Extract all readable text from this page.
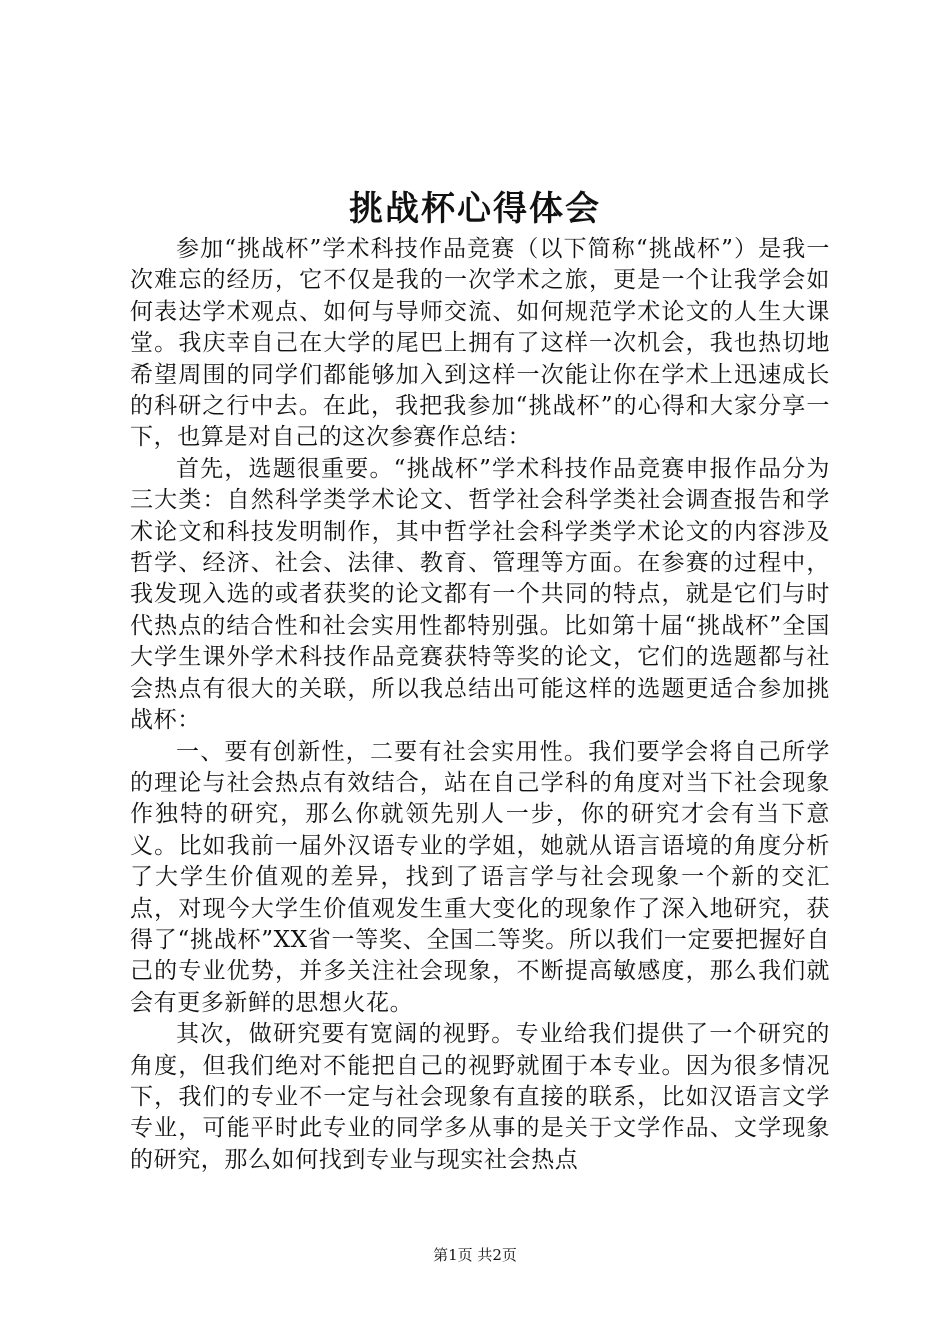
挑战杯心得体会

参加“挑战杯”学术科技作品竞赛（以下简称“挑战杯”）是我一次难忘的经历，它不仅是我的一次学术之旅，更是一个让我学会如何表达学术观点、如何与导师交流、如何规范学术论文的人生大课堂。我庆幸自己在大学的尾巴上拥有了这样一次机会，我也热切地希望周围的同学们都能够加入到这样一次能让你在学术上迅速成长的科研之行中去。在此，我把我参加“挑战杯”的心得和大家分享一下，也算是对自己的这次参赛作总结：

首先，选题很重要。“挑战杯”学术科技作品竞赛申报作品分为三大类：自然科学类学术论文、哲学社会科学类社会调查报告和学术论文和科技发明制作，其中哲学社会科学类学术论文的内容涉及哲学、经济、社会、法律、教育、管理等方面。在参赛的过程中，我发现入选的或者获奖的论文都有一个共同的特点，就是它们与时代热点的结合性和社会实用性都特别强。比如第十届“挑战杯”全国大学生课外学术科技作品竞赛获特等奖的论文，它们的选题都与社会热点有很大的关联，所以我总结出可能这样的选题更适合参加挑战杯：

一、要有创新性，二要有社会实用性。我们要学会将自己所学的理论与社会热点有效结合，站在自己学科的角度对当下社会现象作独特的研究，那么你就领先别人一步，你的研究才会有当下意义。比如我前一届外汉语专业的学姐，她就从语言语境的角度分析了大学生价值观的差异，找到了语言学与社会现象一个新的交汇点，对现今大学生价值观发生重大变化的现象作了深入地研究，获得了“挑战杯”XX省一等奖、全国二等奖。所以我们一定要把握好自己的专业优势，并多关注社会现象，不断提高敏感度，那么我们就会有更多新鲜的思想火花。

其次，做研究要有宽阔的视野。专业给我们提供了一个研究的角度，但我们绝对不能把自己的视野就囿于本专业。因为很多情况下，我们的专业不一定与社会现象有直接的联系，比如汉语言文学专业，可能平时此专业的同学多从事的是关于文学作品、文学现象的研究，那么如何找到专业与现实社会热点

第1页 共2页
